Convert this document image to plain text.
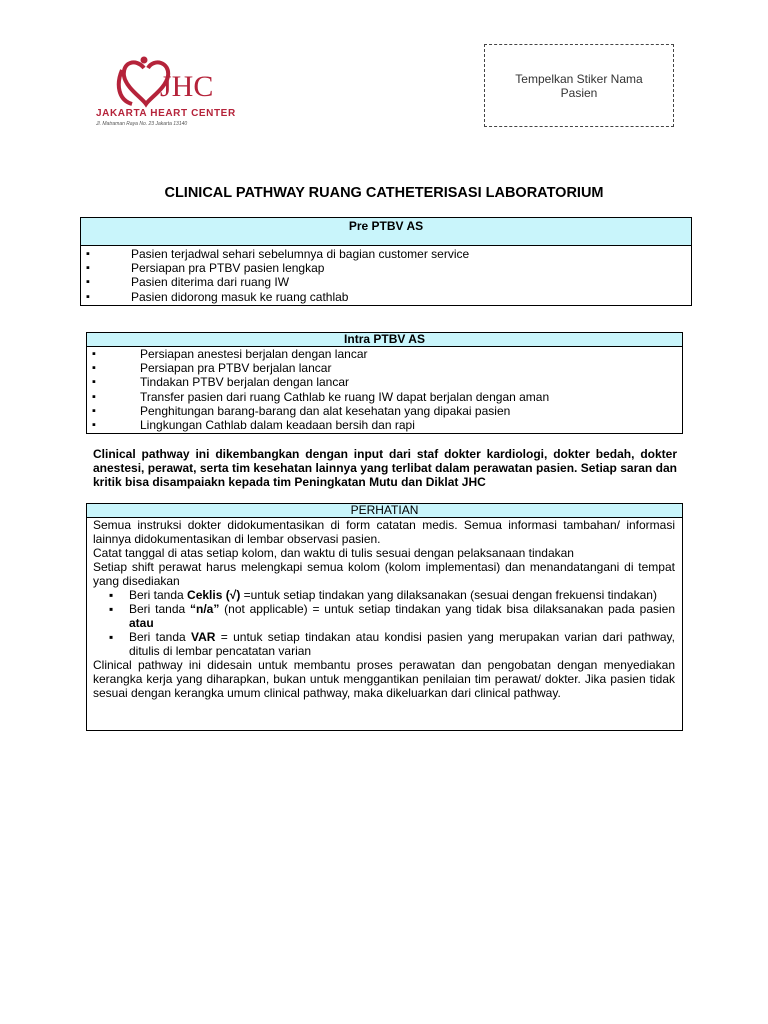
JHC
JAKARTA HEART CENTER
Jl. Matraman Raya No. 23 Jakarta 13140
Tempelkan Stiker Nama Pasien
CLINICAL PATHWAY RUANG CATHETERISASI LABORATORIUM
Pre PTBV AS

▪ Pasien terjadwal sehari sebelumnya di bagian customer service
▪ Persiapan pra PTBV pasien lengkap
▪ Pasien diterima dari ruang IW
▪ Pasien didorong masuk ke ruang cathlab
Intra PTBV AS

▪ Persiapan anestesi berjalan dengan lancar
▪ Persiapan pra PTBV berjalan lancar
▪ Tindakan PTBV berjalan dengan lancar
▪ Transfer pasien dari ruang Cathlab ke ruang IW dapat berjalan dengan aman
▪ Penghitungan barang-barang dan alat kesehatan yang dipakai pasien
▪ Lingkungan Cathlab dalam keadaan bersih dan rapi
Clinical pathway ini dikembangkan dengan input dari staf dokter kardiologi, dokter bedah, dokter anestesi, perawat, serta tim kesehatan lainnya yang terlibat dalam perawatan pasien. Setiap saran dan kritik bisa disampaiakn kepada tim Peningkatan Mutu dan Diklat JHC
PERHATIAN

Semua instruksi dokter didokumentasikan di form catatan medis. Semua informasi tambahan/ informasi lainnya didokumentasikan di lembar observasi pasien.

Catat tanggal di atas setiap kolom, dan waktu di tulis sesuai dengan pelaksanaan tindakan

Setiap shift perawat harus melengkapi semua kolom (kolom implementasi) dan menandatangani di tempat yang disediakan

▪ Beri tanda Ceklis (√) =untuk setiap tindakan yang dilaksanakan (sesuai dengan frekuensi tindakan)

▪ Beri tanda “n/a” (not applicable) = untuk setiap tindakan yang tidak bisa dilaksanakan pada pasien atau

▪ Beri tanda VAR = untuk setiap tindakan atau kondisi pasien yang merupakan varian dari pathway, ditulis di lembar pencatatan varian

Clinical pathway ini didesain untuk membantu proses perawatan dan pengobatan dengan menyediakan kerangka kerja yang diharapkan, bukan untuk menggantikan penilaian tim perawat/ dokter. Jika pasien tidak sesuai dengan kerangka umum clinical pathway, maka dikeluarkan dari clinical pathway.
